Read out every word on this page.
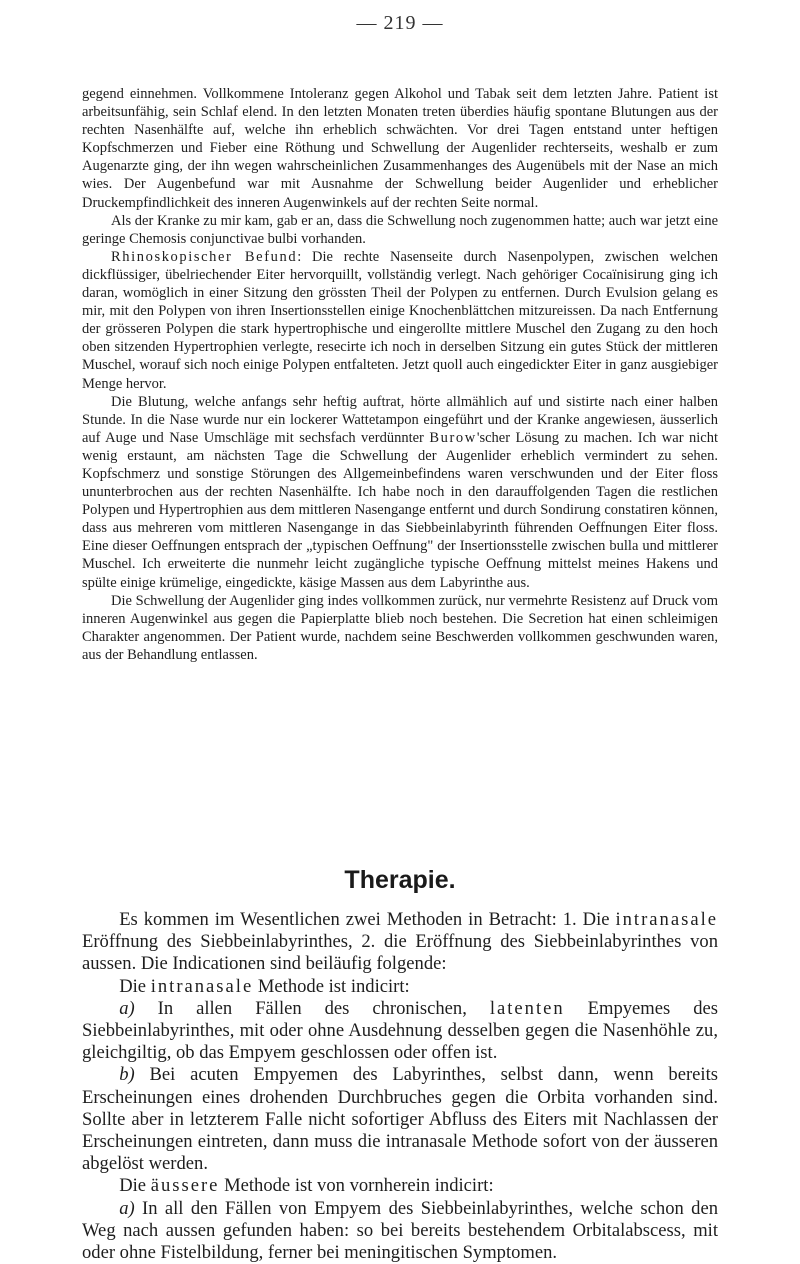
— 219 —

gegend einnehmen. Vollkommene Intoleranz gegen Alkohol und Tabak seit dem letzten Jahre. Patient ist arbeitsunfähig, sein Schlaf elend. In den letzten Monaten treten überdies häufig spontane Blutungen aus der rechten Nasenhälfte auf, welche ihn erheblich schwächten. Vor drei Tagen entstand unter heftigen Kopfschmerzen und Fieber eine Röthung und Schwellung der Augenlider rechterseits, weshalb er zum Augenarzte ging, der ihn wegen wahrscheinlichen Zusammenhanges des Augenübels mit der Nase an mich wies. Der Augenbefund war mit Ausnahme der Schwellung beider Augenlider und erheblicher Druckempfindlichkeit des inneren Augenwinkels auf der rechten Seite normal.

Als der Kranke zu mir kam, gab er an, dass die Schwellung noch zugenommen hatte; auch war jetzt eine geringe Chemosis conjunctivae bulbi vorhanden.

Rhinoskopischer Befund: Die rechte Nasenseite durch Nasenpolypen, zwischen welchen dickflüssiger, übelriechender Eiter hervorquillt, vollständig verlegt. Nach gehöriger Cocaïnisirung ging ich daran, womöglich in einer Sitzung den grössten Theil der Polypen zu entfernen. Durch Evulsion gelang es mir, mit den Polypen von ihren Insertionsstellen einige Knochenblättchen mitzureissen. Da nach Entfernung der grösseren Polypen die stark hypertrophische und eingerollte mittlere Muschel den Zugang zu den hoch oben sitzenden Hypertrophien verlegte, resecirte ich noch in derselben Sitzung ein gutes Stück der mittleren Muschel, worauf sich noch einige Polypen entfalteten. Jetzt quoll auch eingedickter Eiter in ganz ausgiebiger Menge hervor.

Die Blutung, welche anfangs sehr heftig auftrat, hörte allmählich auf und sistirte nach einer halben Stunde. In die Nase wurde nur ein lockerer Wattetampon eingeführt und der Kranke angewiesen, äusserlich auf Auge und Nase Umschläge mit sechsfach verdünnter Burow'scher Lösung zu machen. Ich war nicht wenig erstaunt, am nächsten Tage die Schwellung der Augenlider erheblich vermindert zu sehen. Kopfschmerz und sonstige Störungen des Allgemeinbefindens waren verschwunden und der Eiter floss ununterbrochen aus der rechten Nasenhälfte. Ich habe noch in den darauffolgenden Tagen die restlichen Polypen und Hypertrophien aus dem mittleren Nasengange entfernt und durch Sondirung constatiren können, dass aus mehreren vom mittleren Nasengange in das Siebbeinlabyrinth führenden Oeffnungen Eiter floss. Eine dieser Oeffnungen entsprach der „typischen Oeffnung" der Insertionsstelle zwischen bulla und mittlerer Muschel. Ich erweiterte die nunmehr leicht zugängliche typische Oeffnung mittelst meines Hakens und spülte einige krümelige, eingedickte, käsige Massen aus dem Labyrinthe aus.

Die Schwellung der Augenlider ging indes vollkommen zurück, nur vermehrte Resistenz auf Druck vom inneren Augenwinkel aus gegen die Papierplatte blieb noch bestehen. Die Secretion hat einen schleimigen Charakter angenommen. Der Patient wurde, nachdem seine Beschwerden vollkommen geschwunden waren, aus der Behandlung entlassen.

Therapie.

Es kommen im Wesentlichen zwei Methoden in Betracht: 1. Die intranasale Eröffnung des Siebbeinlabyrinthes, 2. die Eröffnung des Siebbeinlabyrinthes von aussen. Die Indicationen sind beiläufig folgende:

Die intranasale Methode ist indicirt:

a) In allen Fällen des chronischen, latenten Empyemes des Siebbeinlabyrinthes, mit oder ohne Ausdehnung desselben gegen die Nasenhöhle zu, gleichgiltig, ob das Empyem geschlossen oder offen ist.

b) Bei acuten Empyemen des Labyrinthes, selbst dann, wenn bereits Erscheinungen eines drohenden Durchbruches gegen die Orbita vorhanden sind. Sollte aber in letzterem Falle nicht sofortiger Abfluss des Eiters mit Nachlassen der Erscheinungen eintreten, dann muss die intranasale Methode sofort von der äusseren abgelöst werden.

Die äussere Methode ist von vornherein indicirt:

a) In all den Fällen von Empyem des Siebbeinlabyrinthes, welche schon den Weg nach aussen gefunden haben: so bei bereits bestehendem Orbitalabscess, mit oder ohne Fistelbildung, ferner bei meningitischen Symptomen.
